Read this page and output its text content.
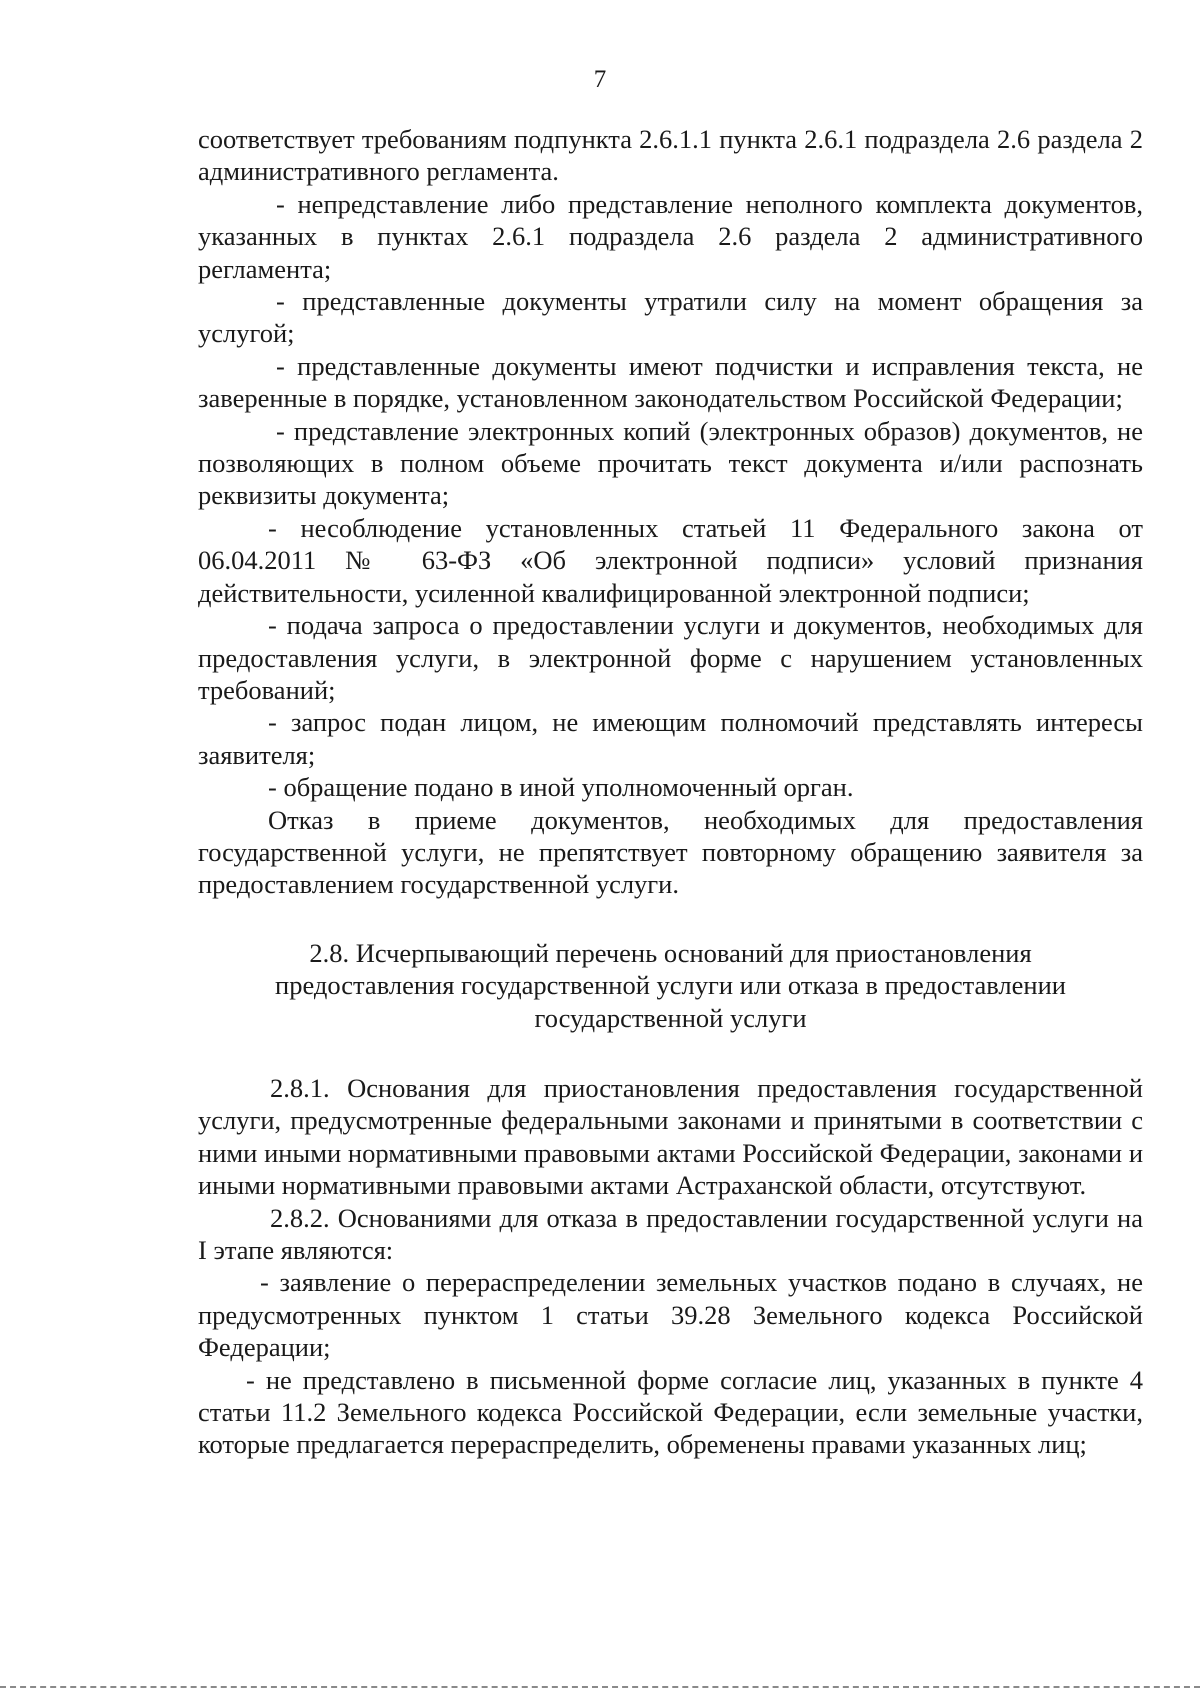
7

соответствует требованиям подпункта 2.6.1.1 пункта 2.6.1 подраздела 2.6 раздела 2 административного регламента.

- непредставление либо представление неполного комплекта документов, указанных в пунктах 2.6.1 подраздела 2.6 раздела 2 административного регламента;

- представленные документы утратили силу на момент обращения за услугой;

- представленные документы имеют подчистки и исправления текста, не заверенные в порядке, установленном законодательством Российской Федерации;

- представление электронных копий (электронных образов) документов, не позволяющих в полном объеме прочитать текст документа и/или распознать реквизиты документа;

- несоблюдение установленных статьей 11 Федерального закона от 06.04.2011 № 63-ФЗ «Об электронной подписи» условий признания действительности, усиленной квалифицированной электронной подписи;

- подача запроса о предоставлении услуги и документов, необходимых для предоставления услуги, в электронной форме с нарушением установленных требований;

- запрос подан лицом, не имеющим полномочий представлять интересы заявителя;

- обращение подано в иной уполномоченный орган.

Отказ в приеме документов, необходимых для предоставления государственной услуги, не препятствует повторному обращению заявителя за предоставлением государственной услуги.

2.8. Исчерпывающий перечень оснований для приостановления предоставления государственной услуги или отказа в предоставлении государственной услуги

2.8.1. Основания для приостановления предоставления государственной услуги, предусмотренные федеральными законами и принятыми в соответствии с ними иными нормативными правовыми актами Российской Федерации, законами и иными нормативными правовыми актами Астраханской области, отсутствуют.

2.8.2. Основаниями для отказа в предоставлении государственной услуги на I этапе являются:

- заявление о перераспределении земельных участков подано в случаях, не предусмотренных пунктом 1 статьи 39.28 Земельного кодекса Российской Федерации;

- не представлено в письменной форме согласие лиц, указанных в пункте 4 статьи 11.2 Земельного кодекса Российской Федерации, если земельные участки, которые предлагается перераспределить, обременены правами указанных лиц;
